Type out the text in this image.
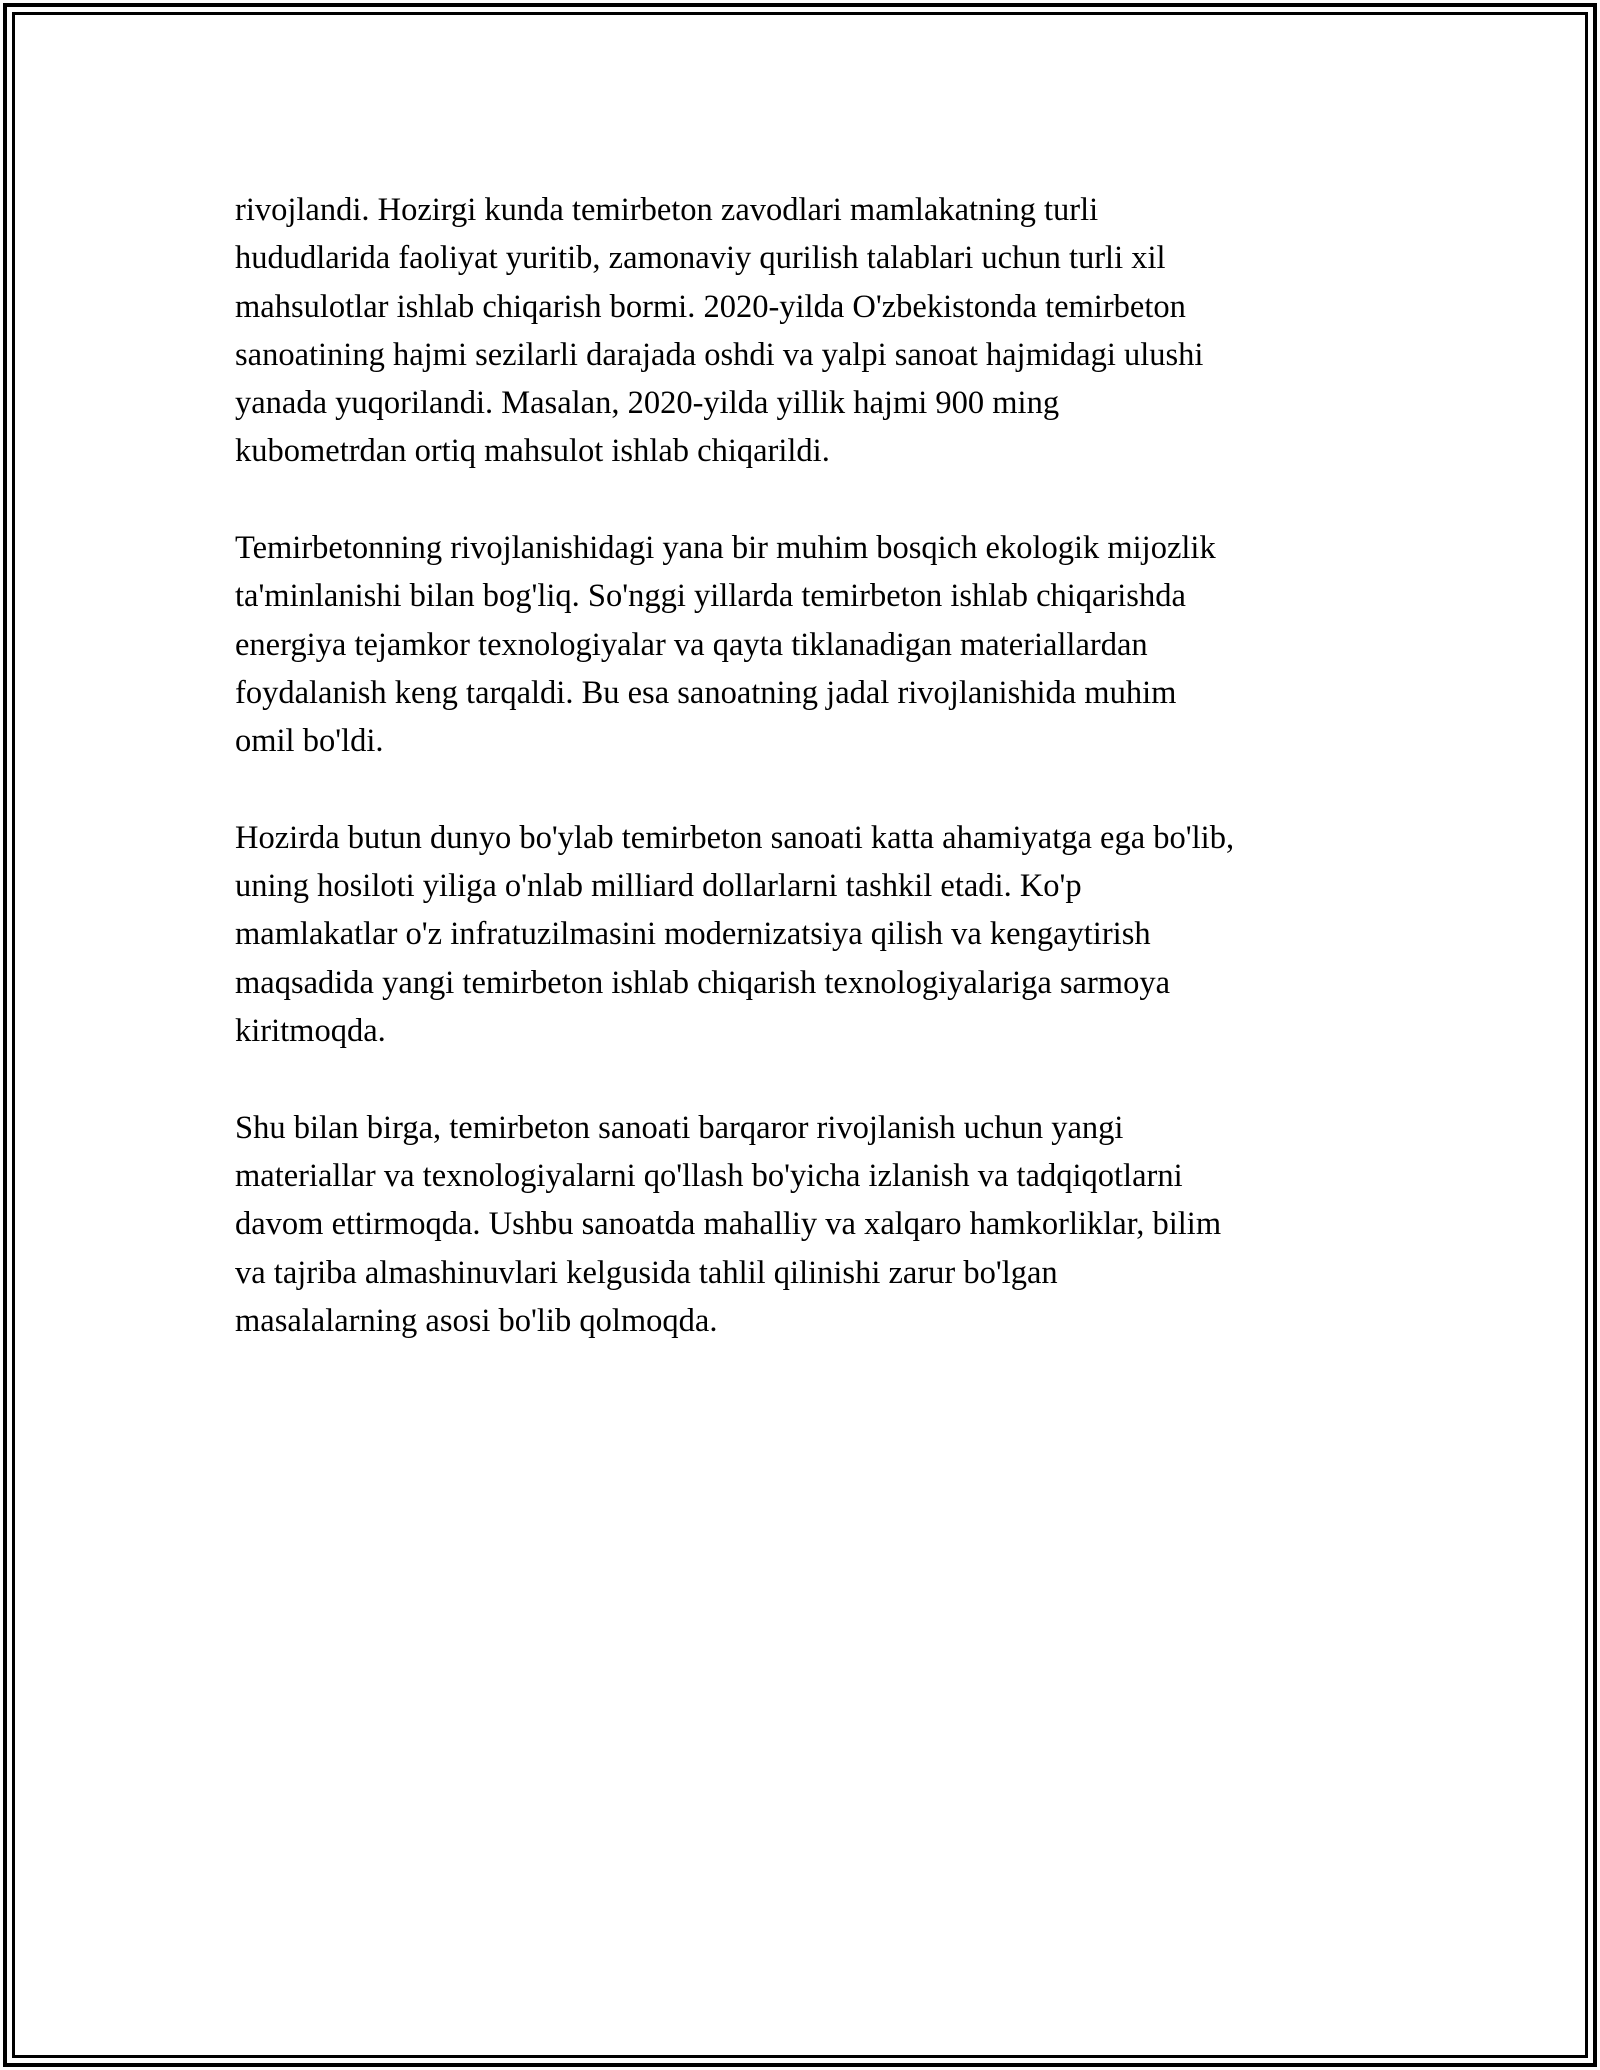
rivojlandi. Hozirgi kunda temirbeton zavodlari mamlakatning turli
hududlarida faoliyat yuritib, zamonaviy qurilish talablari uchun turli xil
mahsulotlar ishlab chiqarish bormi. 2020-yilda O'zbekistonda temirbeton
sanoatining hajmi sezilarli darajada oshdi va yalpi sanoat hajmidagi ulushi
yanada yuqorilandi. Masalan, 2020-yilda yillik hajmi 900 ming
kubometrdan ortiq mahsulot ishlab chiqarildi.

Temirbetonning rivojlanishidagi yana bir muhim bosqich ekologik mijozlik
ta'minlanishi bilan bog'liq. So'nggi yillarda temirbeton ishlab chiqarishda
energiya tejamkor texnologiyalar va qayta tiklanadigan materiallardan
foydalanish keng tarqaldi. Bu esa sanoatning jadal rivojlanishida muhim
omil bo'ldi.

Hozirda butun dunyo bo'ylab temirbeton sanoati katta ahamiyatga ega bo'lib,
uning hosiloti yiliga o'nlab milliard dollarlarni tashkil etadi. Ko'p
mamlakatlar o'z infratuzilmasini modernizatsiya qilish va kengaytirish
maqsadida yangi temirbeton ishlab chiqarish texnologiyalariga sarmoya
kiritmoqda.

Shu bilan birga, temirbeton sanoati barqaror rivojlanish uchun yangi
materiallar va texnologiyalarni qo'llash bo'yicha izlanish va tadqiqotlarni
davom ettirmoqda. Ushbu sanoatda mahalliy va xalqaro hamkorliklar, bilim
va tajriba almashinuvlari kelgusida tahlil qilinishi zarur bo'lgan
masalalarning asosi bo'lib qolmoqda.
